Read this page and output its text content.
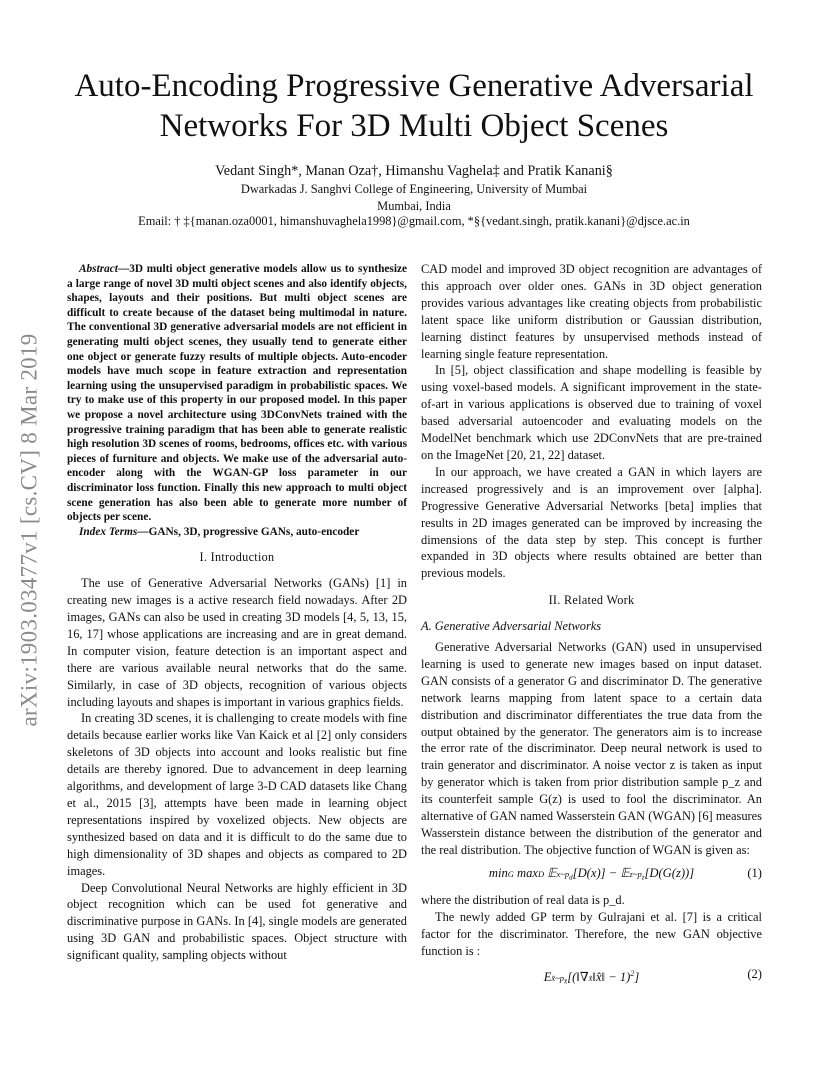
arXiv:1903.03477v1 [cs.CV] 8 Mar 2019
Auto-Encoding Progressive Generative Adversarial
Networks For 3D Multi Object Scenes
Vedant Singh*, Manan Oza†, Himanshu Vaghela‡ and Pratik Kanani§
Dwarkadas J. Sanghvi College of Engineering, University of Mumbai
Mumbai, India
Email: † ‡{manan.oza0001, himanshuvaghela1998}@gmail.com, *§{vedant.singh, pratik.kanani}@djsce.ac.in

Abstract—3D multi object generative models allow us to synthesize a large range of novel 3D multi object scenes and also identify objects, shapes, layouts and their positions. But multi object scenes are difficult to create because of the dataset being multimodal in nature. The conventional 3D generative adversarial models are not efficient in generating multi object scenes, they usually tend to generate either one object or generate fuzzy results of multiple objects. Auto-encoder models have much scope in feature extraction and representation learning using the unsupervised paradigm in probabilistic spaces. We try to make use of this property in our proposed model. In this paper we propose a novel architecture using 3DConvNets trained with the progressive training paradigm that has been able to generate realistic high resolution 3D scenes of rooms, bedrooms, offices etc. with various pieces of furniture and objects. We make use of the adversarial auto-encoder along with the WGAN-GP loss parameter in our discriminator loss function. Finally this new approach to multi object scene generation has also been able to generate more number of objects per scene.

Index Terms—GANs, 3D, progressive GANs, auto-encoder

I. Introduction

The use of Generative Adversarial Networks (GANs) [1] in creating new images is a active research field nowadays. After 2D images, GANs can also be used in creating 3D models [4, 5, 13, 15, 16, 17] whose applications are increasing and are in great demand. In computer vision, feature detection is an important aspect and there are various available neural networks that do the same. Similarly, in case of 3D objects, recognition of various objects including layouts and shapes is important in various graphics fields.

In creating 3D scenes, it is challenging to create models with fine details because earlier works like Van Kaick et al [2] only considers skeletons of 3D objects into account and looks realistic but fine details are thereby ignored. Due to advancement in deep learning algorithms, and development of large 3-D CAD datasets like Chang et al., 2015 [3], attempts have been made in learning object representations inspired by voxelized objects. New objects are synthesized based on data and it is difficult to do the same due to high dimensionality of 3D shapes and objects as compared to 2D images.

Deep Convolutional Neural Networks are highly efficient in 3D object recognition which can be used fot generative and discriminative purpose in GANs. In [4], single models are generated using 3D GAN and probabilistic spaces. Object structure with significant quality, sampling objects without

CAD model and improved 3D object recognition are advantages of this approach over older ones. GANs in 3D object generation provides various advantages like creating objects from probabilistic latent space like uniform distribution or Gaussian distribution, learning distinct features by unsupervised methods instead of learning single feature representation.

In [5], object classification and shape modelling is feasible by using voxel-based models. A significant improvement in the state-of-art in various applications is observed due to training of voxel based adversarial autoencoder and evaluating models on the ModelNet benchmark which use 2DConvNets that are pre-trained on the ImageNet [20, 21, 22] dataset.

In our approach, we have created a GAN in which layers are increased progressively and is an improvement over [alpha]. Progressive Generative Adversarial Networks [beta] implies that results in 2D images generated can be improved by increasing the dimensions of the data step by step. This concept is further expanded in 3D objects where results obtained are better than previous models.

II. Related Work
A. Generative Adversarial Networks

Generative Adversarial Networks (GAN) used in unsupervised learning is used to generate new images based on input dataset. GAN consists of a generator G and discriminator D. The generative network learns mapping from latent space to a certain data distribution and discriminator differentiates the true data from the output obtained by the generator. The generators aim is to increase the error rate of the discriminator. Deep neural network is used to train generator and discriminator. A noise vector z is taken as input by generator which is taken from prior distribution sample p_z and its counterfeit sample G(z) is used to fool the discriminator. An alternative of GAN named Wasserstein GAN (WGAN) [6] measures Wasserstein distance between the distribution of the generator and the real distribution. The objective function of WGAN is given as:

minG maxD $𝔼x\sim p_d[D(x)]$ − $𝔼z\sim p_z[D(G(z))]$	(1)

where the distribution of real data is p_d.

The newly added GP term by Gulrajani et al. [7] is a critical factor for the discriminator. Therefore, the new GAN objective function is :

$Ex̂\sim p_{x̂}[(‖\nabla x̂‖x̂‖ - 1)^2]$	(2)
